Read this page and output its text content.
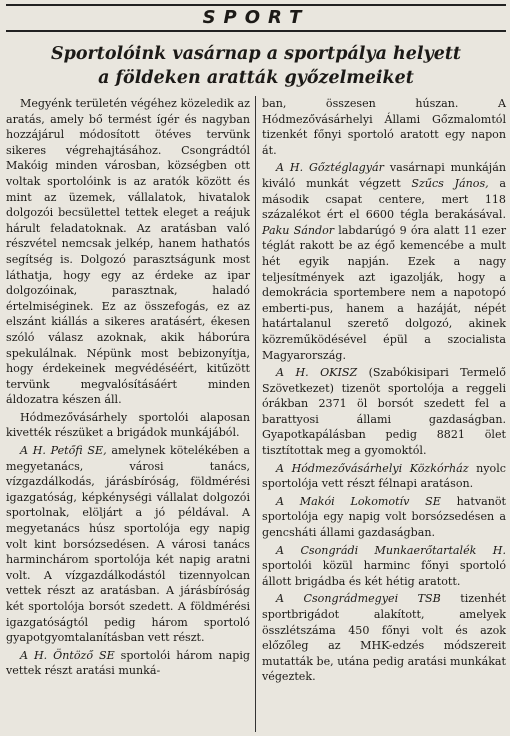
SPORT
Sportolóink vasárnap a sportpálya helyett
a földeken aratták győzelmeiket

Megyénk területén végéhez közeledik az aratás, amely bő termést ígér és nagyban hozzájárul módosított ötéves tervünk sikeres végrehajtásához. Csongrádtól Makóig minden városban, községben ott voltak sportolóink is az aratók között és mint az üzemek, vállalatok, hivatalok dolgozói becsülettel tettek eleget a reájuk hárult feladatoknak. Az aratásban való részvétel nemcsak jelkép, hanem hathatós segítség is. Dolgozó parasztságunk most láthatja, hogy egy az érdeke az ipar dolgozóinak, parasztnak, haladó értelmiséginek. Ez az összefogás, ez az elszánt kiállás a sikeres aratásért, ékesen szóló válasz azoknak, akik háborúra spekulálnak. Népünk most bebizonyítja, hogy érdekeinek megvédéséért, kitűzött tervünk megvalósításáért minden áldozatra készen áll.

Hódmezővásárhely sportolói alaposan kivették részüket a brigádok munkájából.

A H. Petőfi SE, amelynek kötelékében a megyetanács, városi tanács, vízgazdálkodás, járásbíróság, földmérési igazgatóság, képkénységi vállalat dolgozói sportolnak, elöljárt a jó példával. A megyetanács húsz sportolója egy napig volt kint borsózsedésen. A városi tanács harminchárom sportolója két napig aratni volt. A vízgazdálkodástól tizennyolcan vettek részt az aratásban. A járásbíróság két sportolója borsót szedett. A földmérési igazgatóságtól pedig három sportoló gyapotgyomtalanításban vett részt.

A H. Öntöző SE sportolói három napig vettek részt aratási munká-

ban, összesen húszan. A Hódmezővásárhelyi Állami Gőzmalomtól tizenkét főnyi sportoló aratott egy napon át.

A H. Gőztéglagyár vasárnapi munkáján kiváló munkát végzett Szűcs János, a második csapat centere, mert 118 százalékot ért el 6600 tégla berakásával. Paku Sándor labdarúgó 9 óra alatt 11 ezer téglát rakott be az égő kemencébe a mult hét egyik napján. Ezek a nagy teljesítmények azt igazolják, hogy a demokrácia sportembere nem a napotopó emberti-pus, hanem a hazáját, népét határtalanul szerető dolgozó, akinek közreműködésével épül a szocialista Magyarország.

A H. OKISZ (Szabókisipari Termelő Szövetkezet) tizenöt sportolója a reggeli órákban 2371 öl borsót szedett fel a barattyosi állami gazdaságban. Gyapotkapálásban pedig 8821 ölet tisztítottak meg a gyomoktól.

A Hódmezővásárhelyi Közkórház nyolc sportolója vett részt félnapi aratáson.

A Makói Lokomotív SE hatvanöt sportolója egy napig volt borsózsedésen a gencsháti állami gazdaságban.

A Csongrádi Munkaerőtartalék H. sportolói közül harminc főnyi sportoló állott brigádba és két hétig aratott.

A Csongrádmegyei TSB tizenhét sportbrigádot alakított, amelyek összlétszáma 450 főnyi volt és azok előzőleg az MHK-edzés módszereit mutatták be, utána pedig aratási munkákat végeztek.
